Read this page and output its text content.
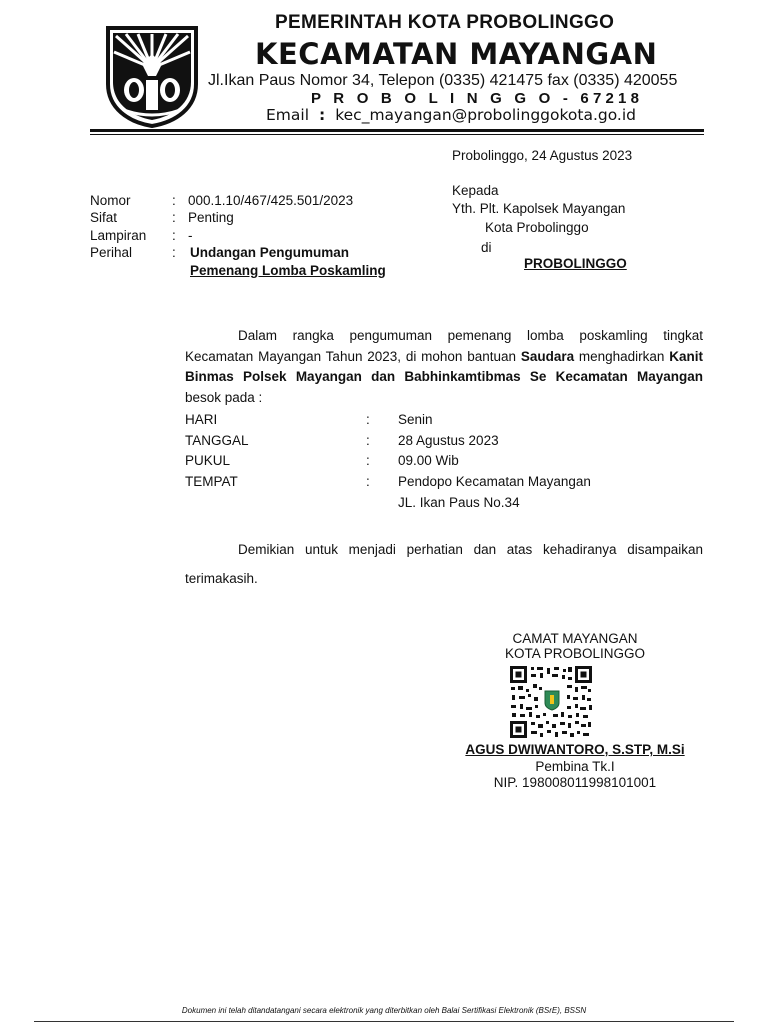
PEMERINTAH KOTA PROBOLINGGO
KECAMATAN MAYANGAN
Jl.Ikan Paus Nomor 34, Telepon (0335) 421475 fax (0335) 420055
P R O B O L I N G G O - 67218
Email : kec_mayangan@probolinggokota.go.id
Probolinggo, 24 Agustus 2023
Kepada
Yth. Plt. Kapolsek Mayangan
Kota Probolinggo
di
PROBOLINGGO
Nomor	: 000.1.10/467/425.501/2023
Sifat	: Penting
Lampiran : -
Perihal	: Undangan Pengumuman
Pemenang Lomba Poskamling

Dalam rangka pengumuman pemenang lomba poskamling tingkat Kecamatan Mayangan Tahun 2023, di mohon bantuan Saudara menghadirkan Kanit Binmas Polsek Mayangan dan Babhinkamtibmas Se Kecamatan Mayangan besok pada :

HARI	: Senin
TANGGAL	: 28 Agustus 2023
PUKUL	: 09.00 Wib
TEMPAT	: Pendopo Kecamatan Mayangan
JL. Ikan Paus No.34

Demikian untuk menjadi perhatian dan atas kehadiranya disampaikan terimakasih.

CAMAT MAYANGAN
KOTA PROBOLINGGO
AGUS DWIWANTORO, S.STP, M.Si
Pembina Tk.I
NIP. 198008011998101001
Dokumen ini telah ditandatangani secara elektronik yang diterbitkan oleh Balai Sertifikasi Elektronik (BSrE), BSSN
